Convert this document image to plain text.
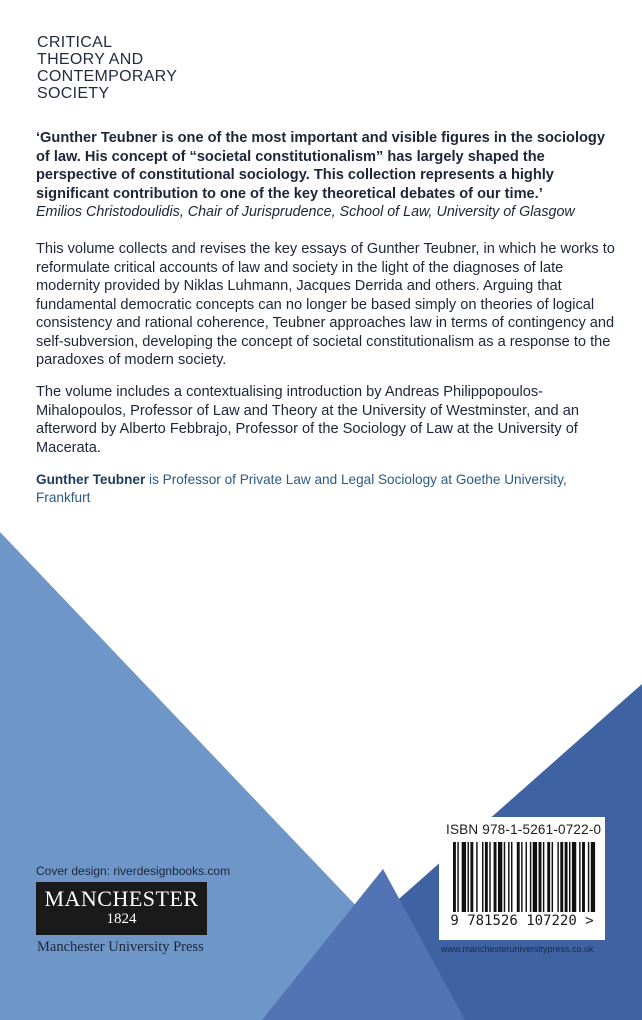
CRITICAL
THEORY AND
CONTEMPORARY
SOCIETY
‘Gunther Teubner is one of the most important and visible figures in the sociology of law. His concept of “societal constitutionalism” has largely shaped the perspective of constitutional sociology. This collection represents a highly significant contribution to one of the key theoretical debates of our time.’
Emilios Christodoulidis, Chair of Jurisprudence, School of Law, University of Glasgow
This volume collects and revises the key essays of Gunther Teubner, in which he works to reformulate critical accounts of law and society in the light of the diagnoses of late modernity provided by Niklas Luhmann, Jacques Derrida and others. Arguing that fundamental democratic concepts can no longer be based simply on theories of logical consistency and rational coherence, Teubner approaches law in terms of contingency and self-subversion, developing the concept of societal constitutionalism as a response to the paradoxes of modern society.
The volume includes a contextualising introduction by Andreas Philippopoulos-Mihalopoulos, Professor of Law and Theory at the University of Westminster, and an afterword by Alberto Febbrajo, Professor of the Sociology of Law at the University of Macerata.
Gunther Teubner is Professor of Private Law and Legal Sociology at Goethe University, Frankfurt
Cover design: riverdesignbooks.com
MANCHESTER
1824
Manchester University Press
ISBN 978-1-5261-0722-0
9 781526 107220 >
www.manchesteruniversitypress.co.uk
